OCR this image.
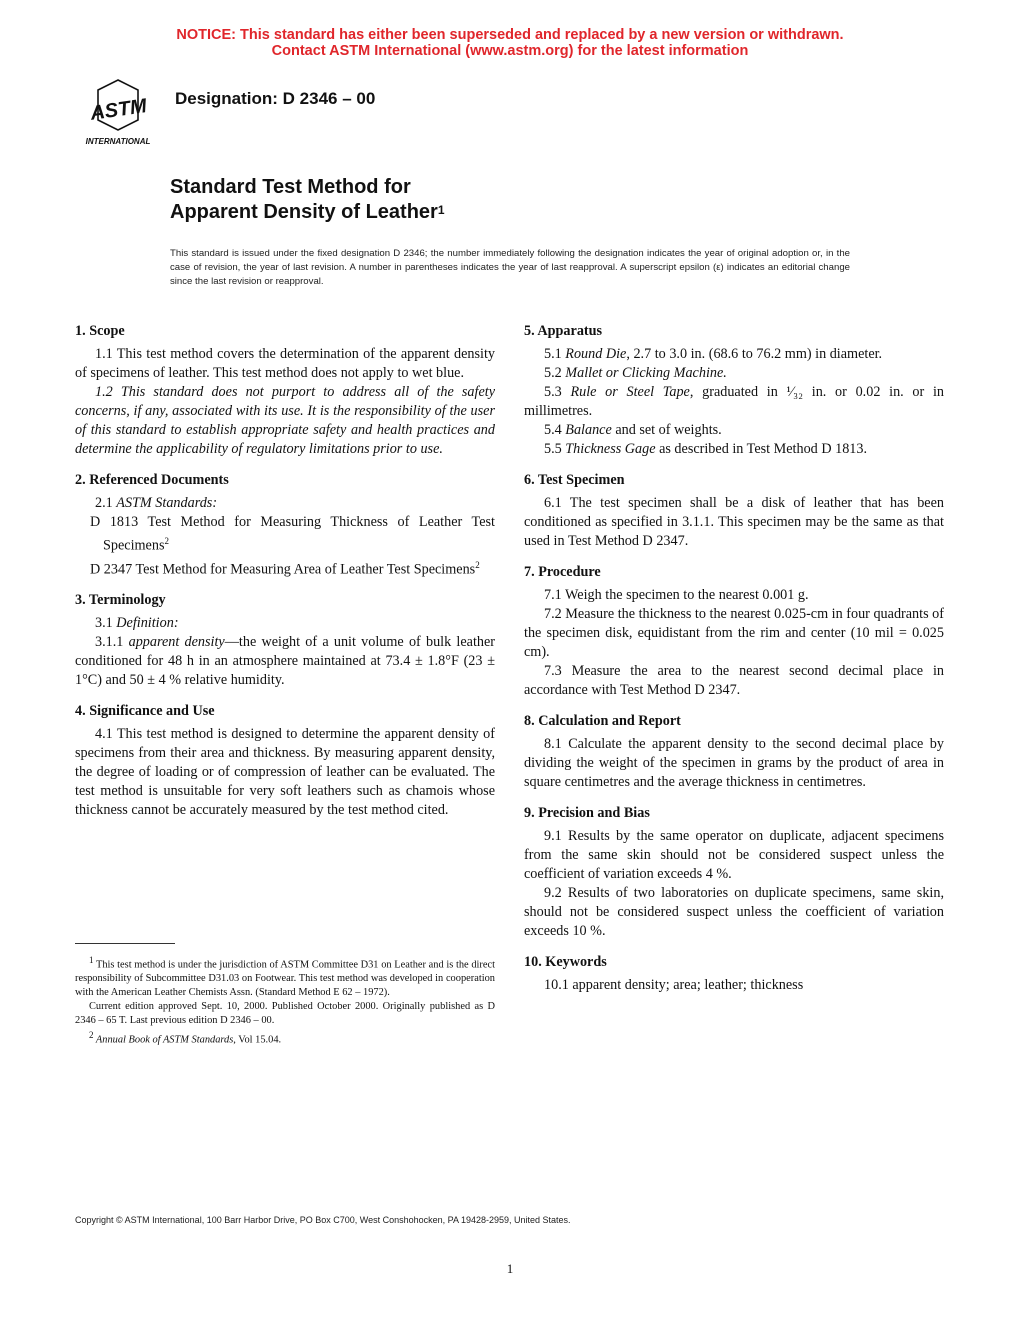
NOTICE: This standard has either been superseded and replaced by a new version or withdrawn.
Contact ASTM International (www.astm.org) for the latest information
ASTM
INTERNATIONAL
Designation: D 2346 – 00
Standard Test Method for
Apparent Density of Leather$^1$
This standard is issued under the fixed designation D 2346; the number immediately following the designation indicates the year of original adoption or, in the case of revision, the year of last revision. A number in parentheses indicates the year of last reapproval. A superscript epsilon (ε) indicates an editorial change since the last revision or reapproval.
1. Scope

1.1 This test method covers the determination of the apparent density of specimens of leather. This test method does not apply to wet blue.

1.2 This standard does not purport to address all of the safety concerns, if any, associated with its use. It is the responsibility of the user of this standard to establish appropriate safety and health practices and determine the applicability of regulatory limitations prior to use.

2. Referenced Documents

2.1 ASTM Standards:

D 1813 Test Method for Measuring Thickness of Leather Test Specimens$^2$

D 2347 Test Method for Measuring Area of Leather Test Specimens$^2$

3. Terminology

3.1 Definition:

3.1.1 apparent density—the weight of a unit volume of bulk leather conditioned for 48 h in an atmosphere maintained at 73.4 ± 1.8°F (23 ± 1°C) and 50 ± 4 % relative humidity.

4. Significance and Use

4.1 This test method is designed to determine the apparent density of specimens from their area and thickness. By measuring apparent density, the degree of loading or of compression of leather can be evaluated. The test method is unsuitable for very soft leathers such as chamois whose thickness cannot be accurately measured by the test method cited.

5. Apparatus

5.1 Round Die, 2.7 to 3.0 in. (68.6 to 76.2 mm) in diameter.

5.2 Mallet or Clicking Machine.

5.3 Rule or Steel Tape, graduated in ¹⁄₃₂ in. or 0.02 in. or in millimetres.

5.4 Balance and set of weights.

5.5 Thickness Gage as described in Test Method D 1813.

6. Test Specimen

6.1 The test specimen shall be a disk of leather that has been conditioned as specified in 3.1.1. This specimen may be the same as that used in Test Method D 2347.

7. Procedure

7.1 Weigh the specimen to the nearest 0.001 g.

7.2 Measure the thickness to the nearest 0.025-cm in four quadrants of the specimen disk, equidistant from the rim and center (10 mil = 0.025 cm).

7.3 Measure the area to the nearest second decimal place in accordance with Test Method D 2347.

8. Calculation and Report

8.1 Calculate the apparent density to the second decimal place by dividing the weight of the specimen in grams by the product of area in square centimetres and the average thickness in centimetres.

9. Precision and Bias

9.1 Results by the same operator on duplicate, adjacent specimens from the same skin should not be considered suspect unless the coefficient of variation exceeds 4 %.

9.2 Results of two laboratories on duplicate specimens, same skin, should not be considered suspect unless the coefficient of variation exceeds 10 %.

10. Keywords

10.1 apparent density; area; leather; thickness

$^1$ This test method is under the jurisdiction of ASTM Committee D31 on Leather and is the direct responsibility of Subcommittee D31.03 on Footwear. This test method was developed in cooperation with the American Leather Chemists Assn. (Standard Method E 62 – 1972).

Current edition approved Sept. 10, 2000. Published October 2000. Originally published as D 2346 – 65 T. Last previous edition D 2346 – 00.

$^2$ Annual Book of ASTM Standards, Vol 15.04.

Copyright © ASTM International, 100 Barr Harbor Drive, PO Box C700, West Conshohocken, PA 19428-2959, United States.
1
